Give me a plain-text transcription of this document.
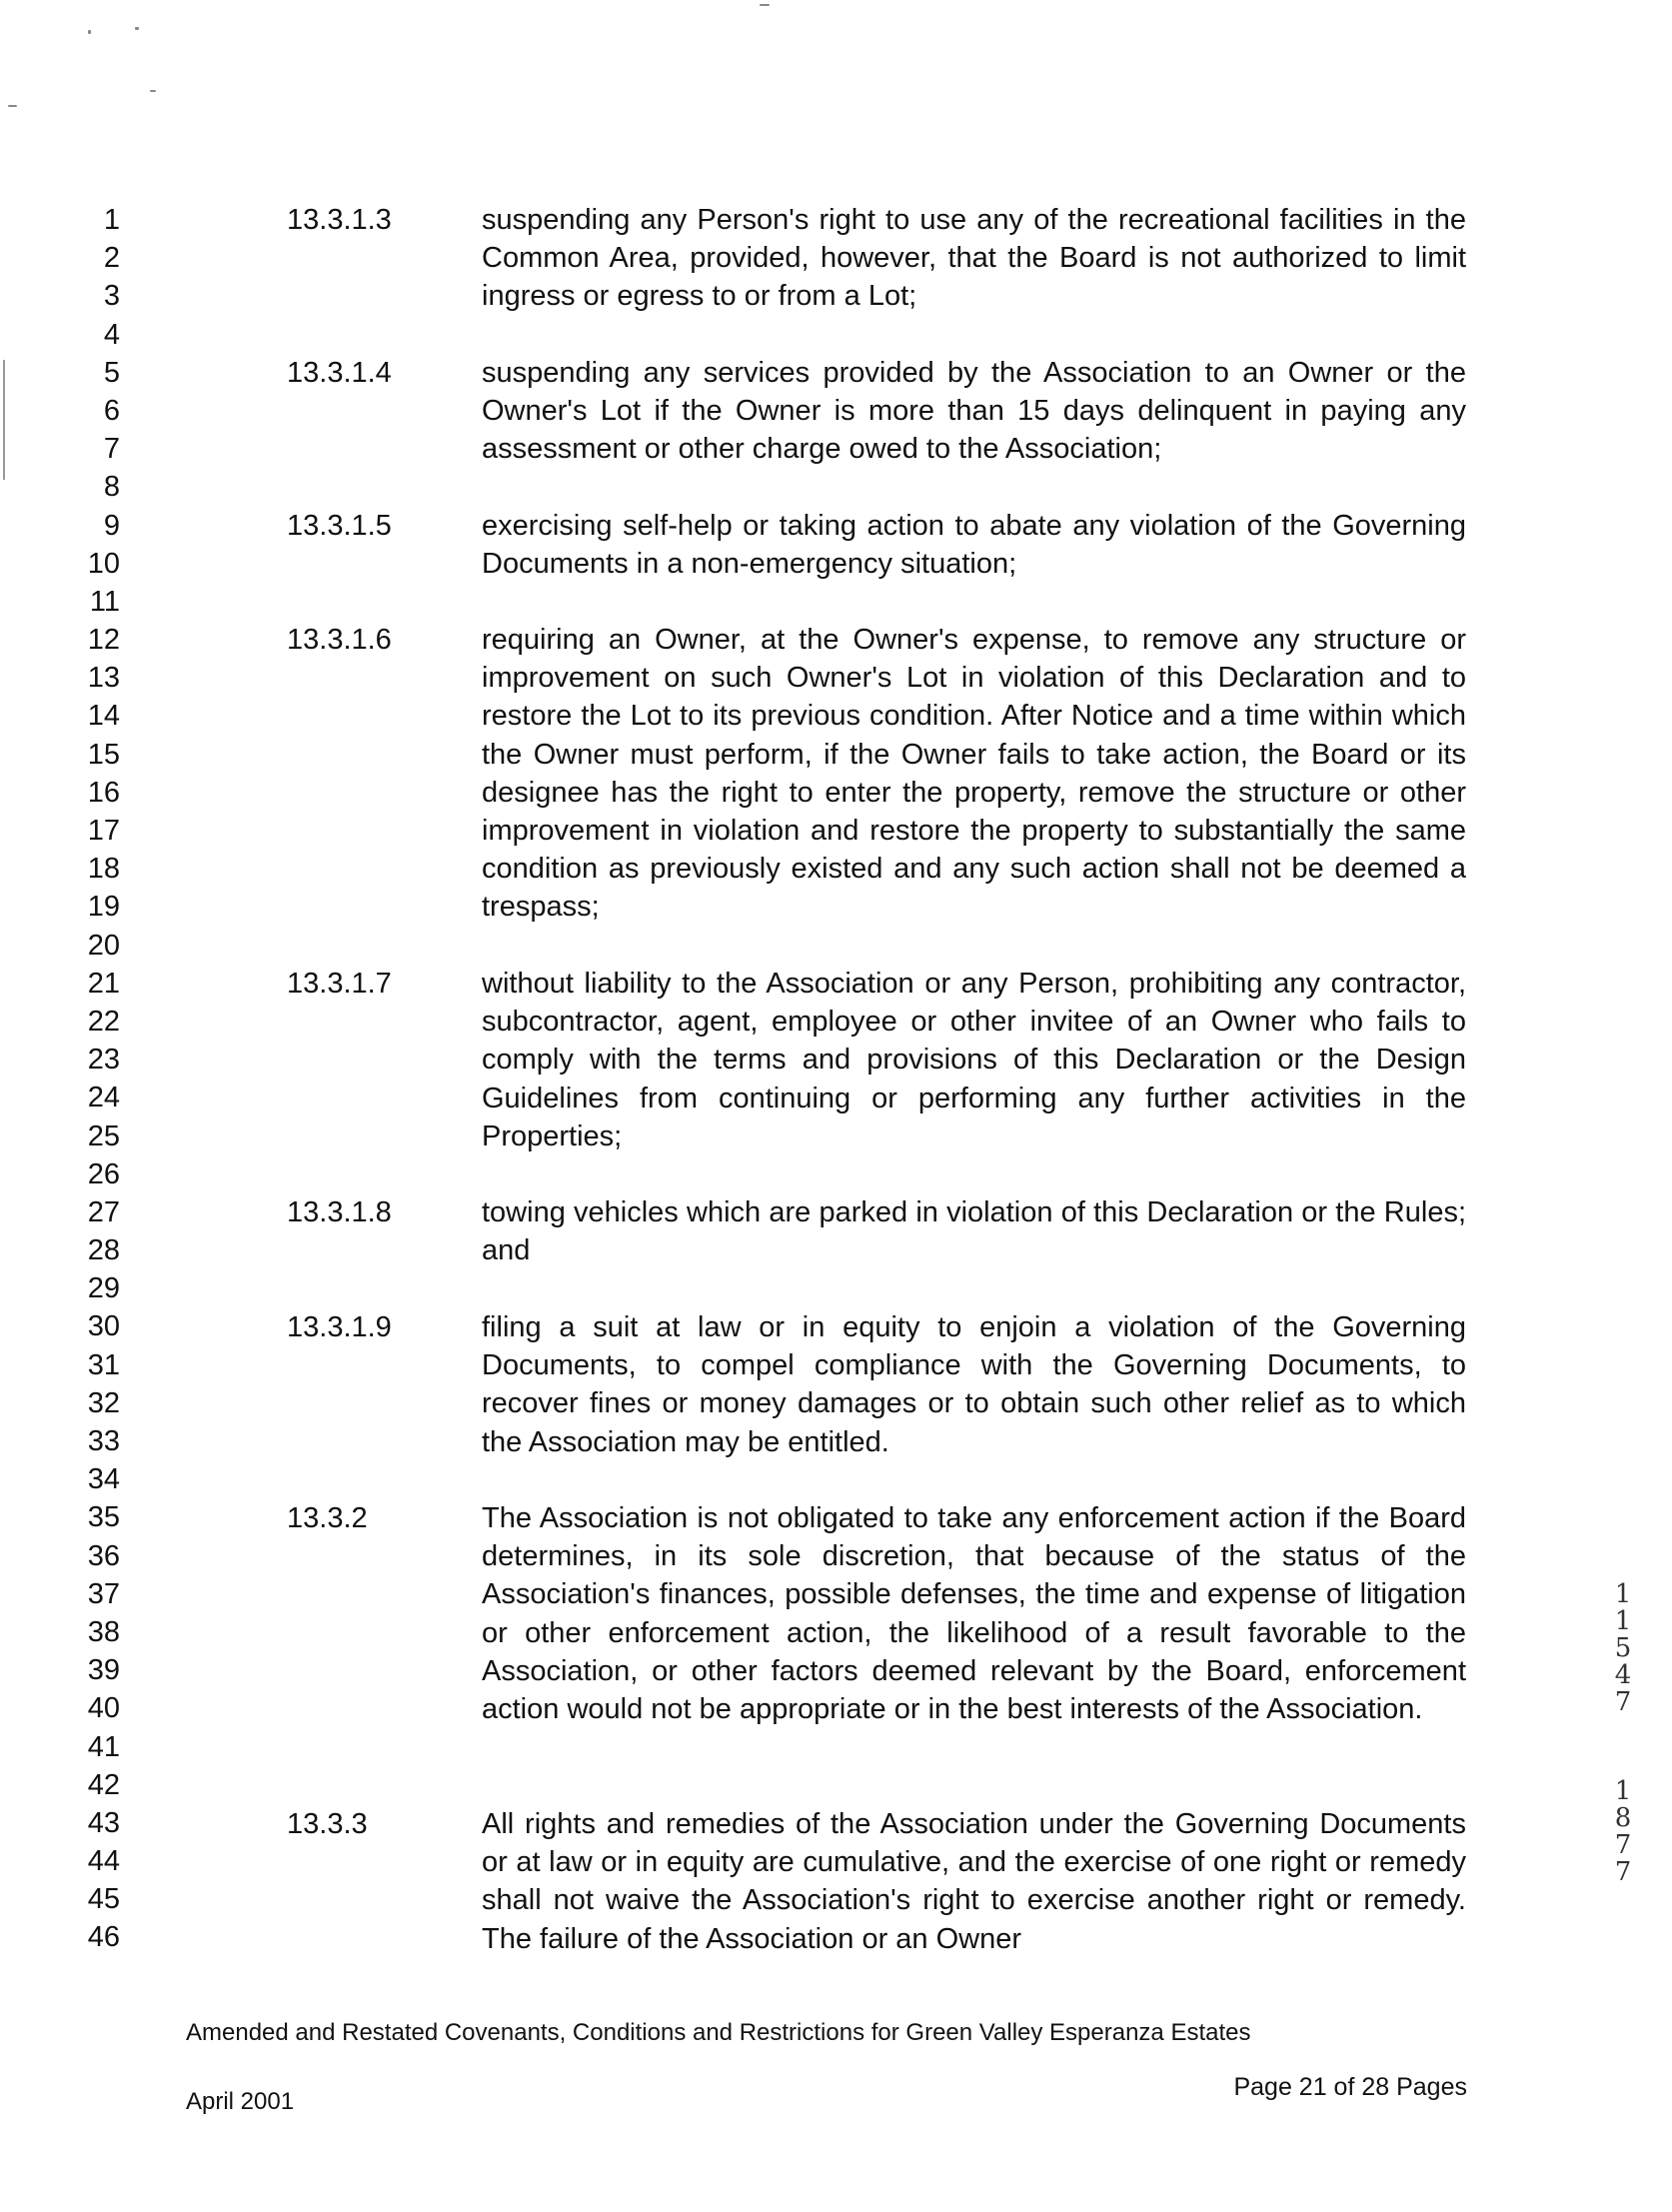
1
2
3
4
5
6
7
8
9
10
11
12
13
14
15
16
17
18
19
20
21
22
23
24
25
26
27
28
29
30
31
32
33
34
35
36
37
38
39
40
41
42
43
44
45
46
13.3.1.3	suspending any Person's right to use any of the recreational facilities in the Common Area, provided, however, that the Board is not authorized to limit ingress or egress to or from a Lot;
13.3.1.4	suspending any services provided by the Association to an Owner or the Owner's Lot if the Owner is more than 15 days delinquent in paying any assessment or other charge owed to the Association;
13.3.1.5	exercising self-help or taking action to abate any violation of the Governing Documents in a non-emergency situation;
13.3.1.6	requiring an Owner, at the Owner's expense, to remove any structure or improvement on such Owner's Lot in violation of this Declaration and to restore the Lot to its previous condition. After Notice and a time within which the Owner must perform, if the Owner fails to take action, the Board or its designee has the right to enter the property, remove the structure or other improvement in violation and restore the property to substantially the same condition as previously existed and any such action shall not be deemed a trespass;
13.3.1.7	without liability to the Association or any Person, prohibiting any contractor, subcontractor, agent, employee or other invitee of an Owner who fails to comply with the terms and provisions of this Declaration or the Design Guidelines from continuing or performing any further activities in the Properties;
13.3.1.8	towing vehicles which are parked in violation of this Declaration or the Rules; and
13.3.1.9	filing a suit at law or in equity to enjoin a violation of the Governing Documents, to compel compliance with the Governing Documents, to recover fines or money damages or to obtain such other relief as to which the Association may be entitled.
13.3.2	The Association is not obligated to take any enforcement action if the Board determines, in its sole discretion, that because of the status of the Association's finances, possible defenses, the time and expense of litigation or other enforcement action, the likelihood of a result favorable to the Association, or other factors deemed relevant by the Board, enforcement action would not be appropriate or in the best interests of the Association.
13.3.3	All rights and remedies of the Association under the Governing Documents or at law or in equity are cumulative, and the exercise of one right or remedy shall not waive the Association's right to exercise another right or remedy. The failure of the Association or an Owner
1
1
5
4
7
1
8
7
7
Amended and Restated Covenants, Conditions and Restrictions for Green Valley Esperanza Estates
April 2001
Page 21 of 28 Pages
